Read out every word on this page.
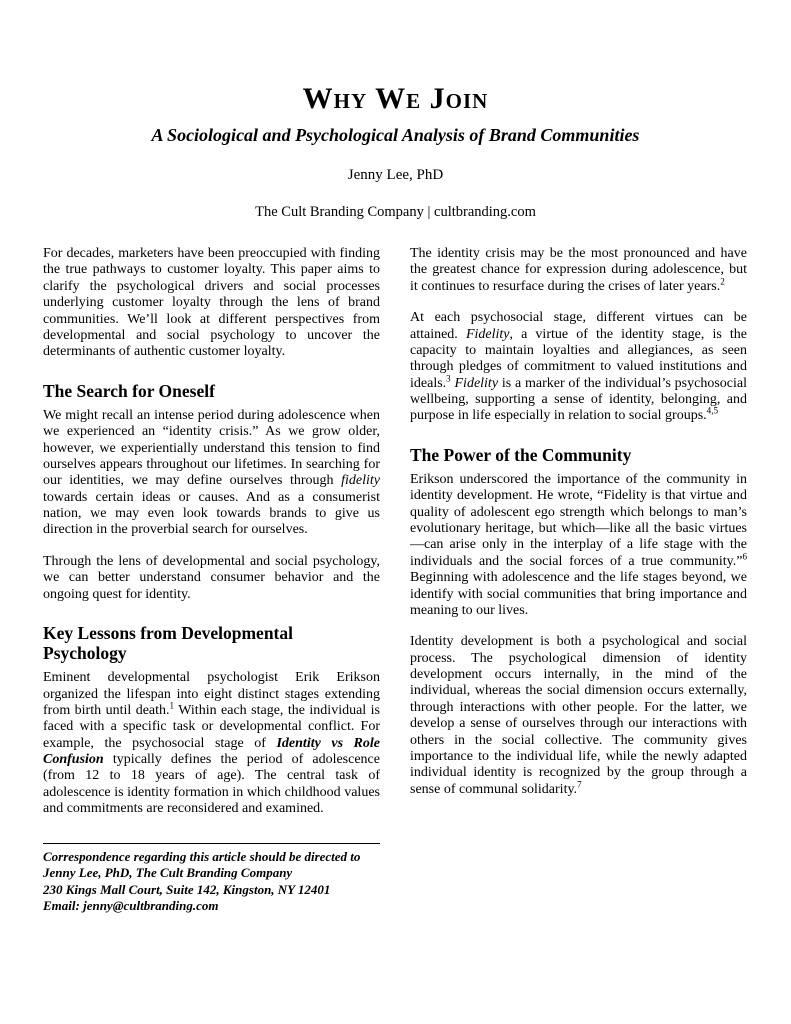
Why We Join
A Sociological and Psychological Analysis of Brand Communities
Jenny Lee, PhD
The Cult Branding Company | cultbranding.com

For decades, marketers have been preoccupied with finding the true pathways to customer loyalty. This paper aims to clarify the psychological drivers and social processes underlying customer loyalty through the lens of brand communities. We’ll look at different perspectives from developmental and social psychology to uncover the determinants of authentic customer loyalty.

The Search for Oneself

We might recall an intense period during adolescence when we experienced an “identity crisis.” As we grow older, however, we experientially understand this tension to find ourselves appears throughout our lifetimes. In searching for our identities, we may define ourselves through fidelity towards certain ideas or causes. And as a consumerist nation, we may even look towards brands to give us direction in the proverbial search for ourselves.

Through the lens of developmental and social psychology, we can better understand consumer behavior and the ongoing quest for identity.

Key Lessons from Developmental Psychology

Eminent developmental psychologist Erik Erikson organized the lifespan into eight distinct stages extending from birth until death.$^1$ Within each stage, the individual is faced with a specific task or developmental conflict. For example, the psychosocial stage of Identity vs Role Confusion typically defines the period of adolescence (from 12 to 18 years of age). The central task of adolescence is identity formation in which childhood values and commitments are reconsidered and examined.

Correspondence regarding this article should be directed to
Jenny Lee, PhD, The Cult Branding Company
230 Kings Mall Court, Suite 142, Kingston, NY 12401
Email: jenny@cultbranding.com

The identity crisis may be the most pronounced and have the greatest chance for expression during adolescence, but it continues to resurface during the crises of later years.$^2$

At each psychosocial stage, different virtues can be attained. Fidelity, a virtue of the identity stage, is the capacity to maintain loyalties and allegiances, as seen through pledges of commitment to valued institutions and ideals.$^3$ Fidelity is a marker of the individual’s psychosocial wellbeing, supporting a sense of identity, belonging, and purpose in life especially in relation to social groups.$^{4,5}$

The Power of the Community

Erikson underscored the importance of the community in identity development. He wrote, “Fidelity is that virtue and quality of adolescent ego strength which belongs to man’s evolutionary heritage, but which—like all the basic virtues—can arise only in the interplay of a life stage with the individuals and the social forces of a true community.”$^6$ Beginning with adolescence and the life stages beyond, we identify with social communities that bring importance and meaning to our lives.

Identity development is both a psychological and social process. The psychological dimension of identity development occurs internally, in the mind of the individual, whereas the social dimension occurs externally, through interactions with other people. For the latter, we develop a sense of ourselves through our interactions with others in the social collective. The community gives importance to the individual life, while the newly adapted individual identity is recognized by the group through a sense of communal solidarity.$^7$
